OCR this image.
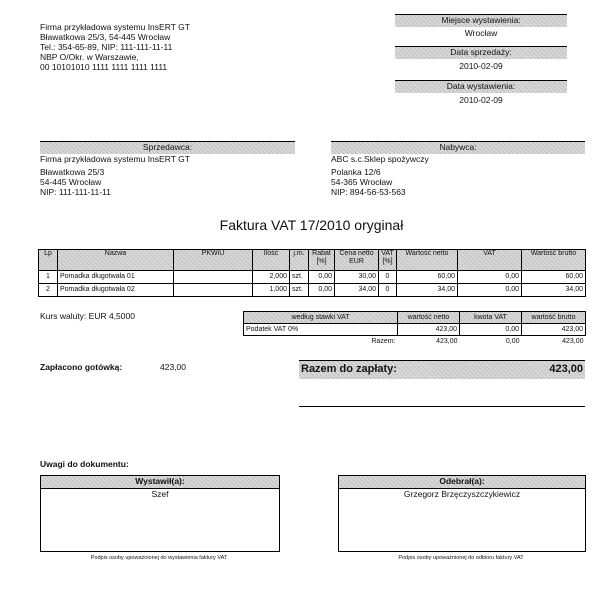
Firma przykładowa systemu InsERT GT
Bławatkowa 25/3, 54-445 Wrocław
Tel.: 354-65-89, NIP: 111-111-11-11
NBP O/Okr. w Warszawie,
00 10101010 1111 1111 1111 1111
Miejsce wystawienia:
Wrocław
Data sprzedaży:
2010-02-09
Data wystawienia:
2010-02-09
Sprzedawca:
Firma przykładowa systemu InsERT GT
Bławatkowa 25/3
54-445 Wrocław
NIP: 111-111-11-11
Nabywca:
ABC s.c.Sklep spożywczy
Polanka 12/6
54-365 Wrocław
NIP: 894-56-53-563
Faktura VAT 17/2010 oryginał
Lp	Nazwa	PKWiU	Ilość	j.m.	Rabat [%]	Cena netto EUR	VAT [%]	Wartość netto	VAT	Wartość brutto
1	Pomadka długotwała 01		2,000	szt.	0,00	30,00	0	60,00	0,00	60,00
2	Pomadka długotwała 02		1,000	szt.	0,00	34,00	0	34,00	0,00	34,00
Kurs waluty: EUR 4,5000	według stawki VAT	wartość netto	kwota VAT	wartość brutto
Podatek VAT 0%	423,00	0,00	423,00
Razem:	423,00	0,00	423,00
Zapłacono gotówką:	423,00	Razem do zapłaty:	423,00
Uwagi do dokumentu:
Wystawił(a):
Szef
Podpis osoby upoważnionej do wystawienia faktury VAT
Odebrał(a):
Grzegorz Brzęczyszczykiewicz
Podpis osoby upoważnionej do odbioru faktury VAT
